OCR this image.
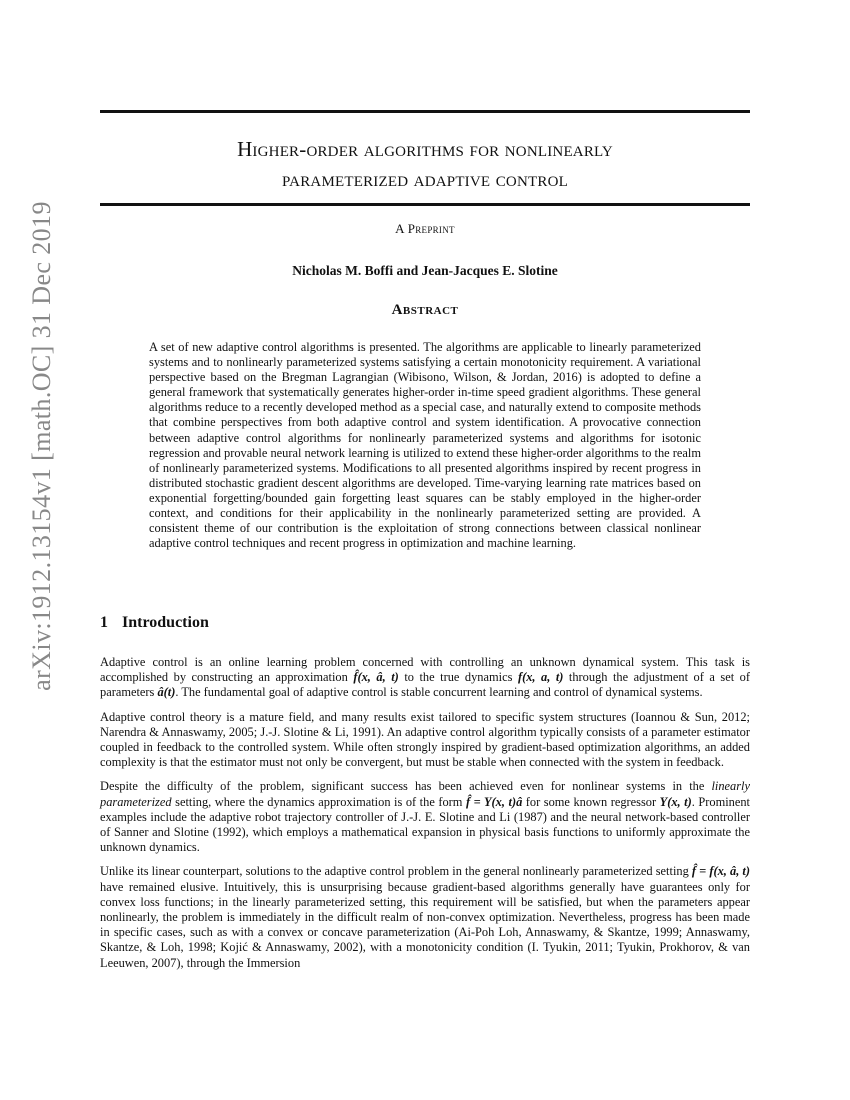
arXiv:1912.13154v1 [math.OC] 31 Dec 2019
Higher-order algorithms for nonlinearly
parameterized adaptive control
A Preprint
Nicholas M. Boffi and Jean-Jacques E. Slotine
Abstract
A set of new adaptive control algorithms is presented. The algorithms are applicable to linearly parameterized systems and to nonlinearly parameterized systems satisfying a certain monotonicity requirement. A variational perspective based on the Bregman Lagrangian (Wibisono, Wilson, & Jordan, 2016) is adopted to define a general framework that systematically generates higher-order in-time speed gradient algorithms. These general algorithms reduce to a recently developed method as a special case, and naturally extend to composite methods that combine perspectives from both adaptive control and system identification. A provocative connection between adaptive control algorithms for nonlinearly parameterized systems and algorithms for isotonic regression and provable neural network learning is utilized to extend these higher-order algorithms to the realm of nonlinearly parameterized systems. Modifications to all presented algorithms inspired by recent progress in distributed stochastic gradient descent algorithms are developed. Time-varying learning rate matrices based on exponential forgetting/bounded gain forgetting least squares can be stably employed in the higher-order context, and conditions for their applicability in the nonlinearly parameterized setting are provided. A consistent theme of our contribution is the exploitation of strong connections between classical nonlinear adaptive control techniques and recent progress in optimization and machine learning.
1 Introduction

Adaptive control is an online learning problem concerned with controlling an unknown dynamical system. This task is accomplished by constructing an approximation f̂(x, â, t) to the true dynamics f(x, a, t) through the adjustment of a set of parameters â(t). The fundamental goal of adaptive control is stable concurrent learning and control of dynamical systems.

Adaptive control theory is a mature field, and many results exist tailored to specific system structures (Ioannou & Sun, 2012; Narendra & Annaswamy, 2005; J.-J. Slotine & Li, 1991). An adaptive control algorithm typically consists of a parameter estimator coupled in feedback to the controlled system. While often strongly inspired by gradient-based optimization algorithms, an added complexity is that the estimator must not only be convergent, but must be stable when connected with the system in feedback.

Despite the difficulty of the problem, significant success has been achieved even for nonlinear systems in the linearly parameterized setting, where the dynamics approximation is of the form f̂ = Y(x, t)â for some known regressor Y(x, t). Prominent examples include the adaptive robot trajectory controller of J.-J. E. Slotine and Li (1987) and the neural network-based controller of Sanner and Slotine (1992), which employs a mathematical expansion in physical basis functions to uniformly approximate the unknown dynamics.

Unlike its linear counterpart, solutions to the adaptive control problem in the general nonlinearly parameterized setting f̂ = f(x, â, t) have remained elusive. Intuitively, this is unsurprising because gradient-based algorithms generally have guarantees only for convex loss functions; in the linearly parameterized setting, this requirement will be satisfied, but when the parameters appear nonlinearly, the problem is immediately in the difficult realm of non-convex optimization. Nevertheless, progress has been made in specific cases, such as with a convex or concave parameterization (Ai-Poh Loh, Annaswamy, & Skantze, 1999; Annaswamy, Skantze, & Loh, 1998; Kojić & Annaswamy, 2002), with a monotonicity condition (I. Tyukin, 2011; Tyukin, Prokhorov, & van Leeuwen, 2007), through the Immersion
